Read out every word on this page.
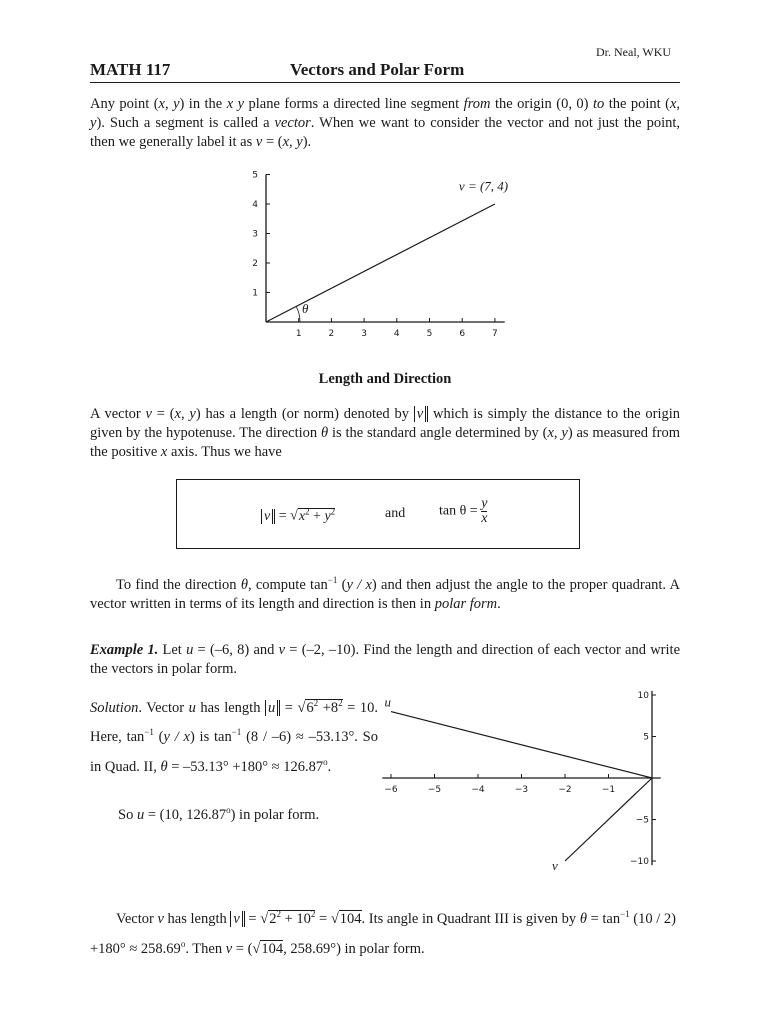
Dr. Neal, WKU
MATH 117	Vectors and Polar Form

Any point (x, y) in the x y plane forms a directed line segment from the origin (0, 0) to the point (x, y). Such a segment is called a vector. When we want to consider the vector and not just the point, then we generally label it as v = (x, y).

1	2	3	4	5	6	7
1
2
3
4
5
v = (7, 4)
θ
Length and Direction

A vector v = (x, y) has a length (or norm) denoted by v which is simply the distance to the origin given by the hypotenuse. The direction θ is the standard angle determined by (x, y) as measured from the positive x axis. Thus we have

$v = √x^2 + y^2$	and $\tan \theta = \frac{y}{x}$

To find the direction θ, compute $\tan^{-1} (y / x)$ and then adjust the angle to the proper quadrant. A vector written in terms of its length and direction is then in polar form.

Example 1. Let u = (–6, 8) and v = (–2, –10). Find the length and direction of each vector and write the vectors in polar form.

Solution. Vector u has length $u = √6^2 +8^2 = 10$. Here, $\tan^{-1} (y / x)$ is $\tan^{-1} (8 / -6) \approx -53.13^\circ$. So in Quad. II, $\theta = -53.13^\circ +180^\circ \approx 126.87^o$.

So u = (10, 126.87$^o$) in polar form.
−6	−5	−4	−3	−2	−1
10
5
−5
−10
u
v

Vector v has length $v = √2^2 + 10^2 = √104$. Its angle in Quadrant III is given by $\theta = \tan^{-1} (10 / 2) +180^\circ \approx 258.69^o$. Then v = (√104, 258.69°) in polar form.
